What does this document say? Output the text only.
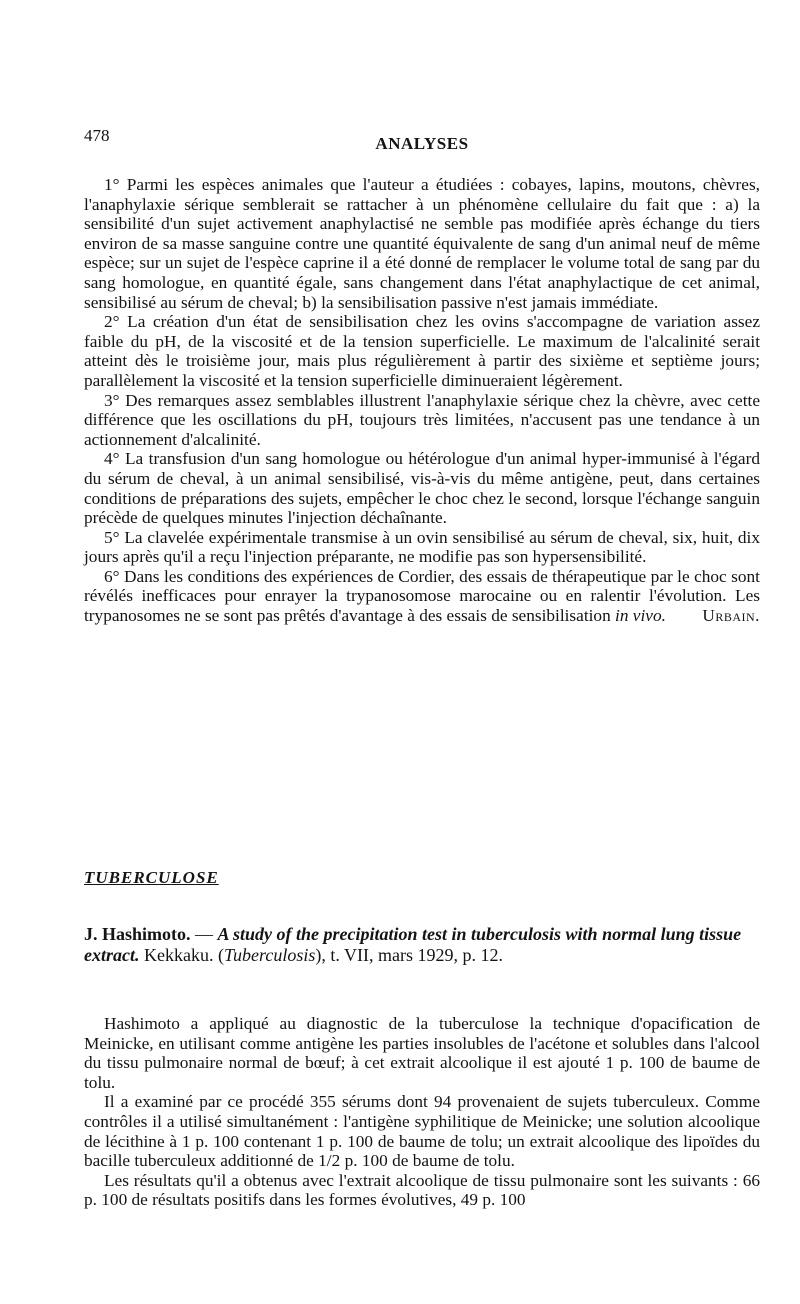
478	ANALYSES

1° Parmi les espèces animales que l'auteur a étudiées : cobayes, lapins, moutons, chèvres, l'anaphylaxie sérique semblerait se rattacher à un phénomène cellulaire du fait que : a) la sensibilité d'un sujet activement anaphylactisé ne semble pas modifiée après échange du tiers environ de sa masse sanguine contre une quantité équivalente de sang d'un animal neuf de même espèce; sur un sujet de l'espèce caprine il a été donné de remplacer le volume total de sang par du sang homologue, en quantité égale, sans changement dans l'état anaphylactique de cet animal, sensibilisé au sérum de cheval; b) la sensibilisation passive n'est jamais immédiate.

2° La création d'un état de sensibilisation chez les ovins s'accompagne de variation assez faible du pH, de la viscosité et de la tension superficielle. Le maximum de l'alcalinité serait atteint dès le troisième jour, mais plus régulièrement à partir des sixième et septième jours; parallèlement la viscosité et la tension superficielle diminueraient légèrement.

3° Des remarques assez semblables illustrent l'anaphylaxie sérique chez la chèvre, avec cette différence que les oscillations du pH, toujours très limitées, n'accusent pas une tendance à un actionnement d'alcalinité.

4° La transfusion d'un sang homologue ou hétérologue d'un animal hyper-immunisé à l'égard du sérum de cheval, à un animal sensibilisé, vis-à-vis du même antigène, peut, dans certaines conditions de préparations des sujets, empêcher le choc chez le second, lorsque l'échange sanguin précède de quelques minutes l'injection déchaînante.

5° La clavelée expérimentale transmise à un ovin sensibilisé au sérum de cheval, six, huit, dix jours après qu'il a reçu l'injection préparante, ne modifie pas son hypersensibilité.

6° Dans les conditions des expériences de Cordier, des essais de thérapeutique par le choc sont révélés inefficaces pour enrayer la trypanosomose marocaine ou en ralentir l'évolution. Les trypanosomes ne se sont pas prêtés d'avantage à des essais de sensibilisation in vivo.	Urbain.

TUBERCULOSE
J. Hashimoto. — A study of the precipitation test in tuberculosis with normal lung tissue extract. Kekkaku. (Tuberculosis), t. VII, mars 1929, p. 12.

Hashimoto a appliqué au diagnostic de la tuberculose la technique d'opacification de Meinicke, en utilisant comme antigène les parties insolubles de l'acétone et solubles dans l'alcool du tissu pulmonaire normal de bœuf; à cet extrait alcoolique il est ajouté 1 p. 100 de baume de tolu.

Il a examiné par ce procédé 355 sérums dont 94 provenaient de sujets tuberculeux. Comme contrôles il a utilisé simultanément : l'antigène syphilitique de Meinicke; une solution alcoolique de lécithine à 1 p. 100 contenant 1 p. 100 de baume de tolu; un extrait alcoolique des lipoïdes du bacille tuberculeux additionné de 1/2 p. 100 de baume de tolu.

Les résultats qu'il a obtenus avec l'extrait alcoolique de tissu pulmonaire sont les suivants : 66 p. 100 de résultats positifs dans les formes évolutives, 49 p. 100
